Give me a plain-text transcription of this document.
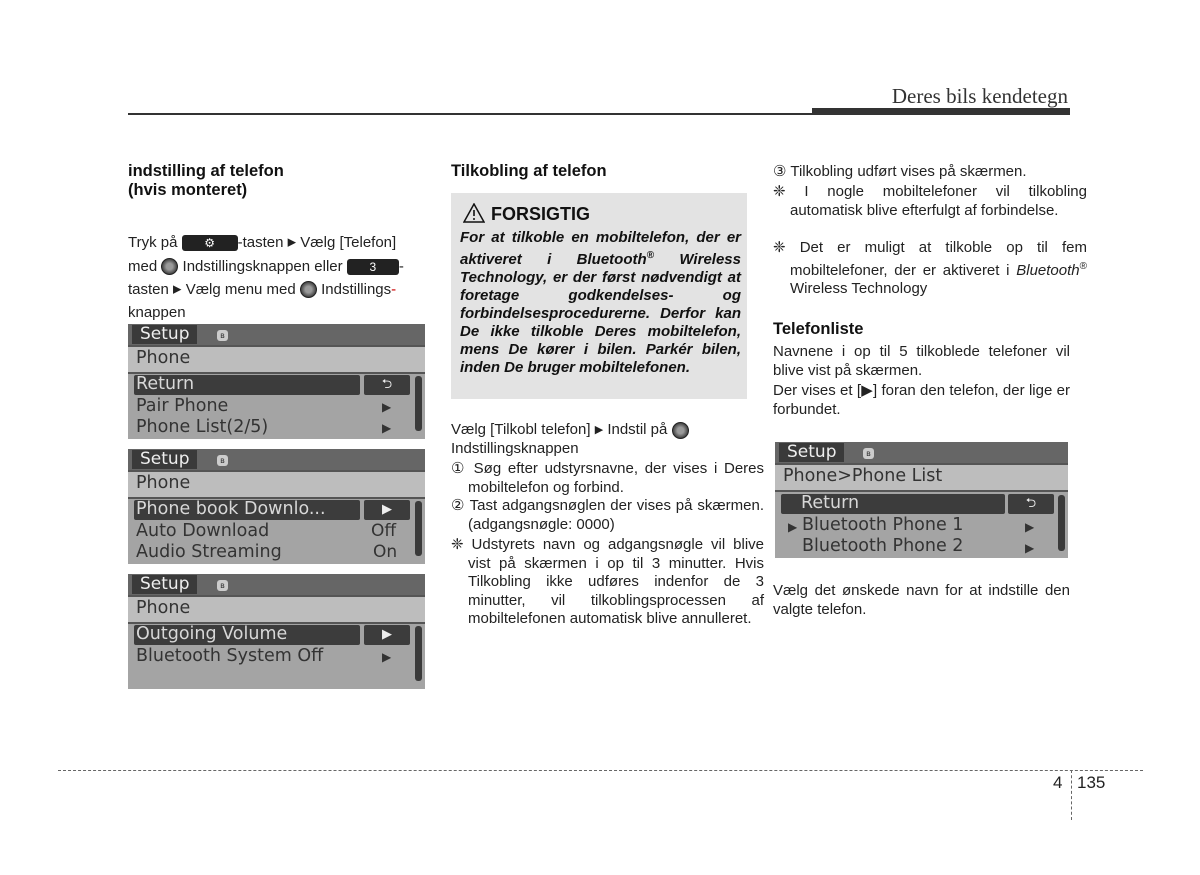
Deres bils kendetegn
indstilling af telefon
(hvis monteret)
Tryk på ⚙ -tasten ▶ Vælg [Telefon]
med Indstillingsknappen eller 3 -
tasten ▶ Vælg menu med Indstillings-
knappen
Setup	ʙ
Phone
Return	⮌
Pair Phone	▶
Phone List(2/5)	▶
Setup	ʙ
Phone
Phone book Downlo...	▶
Auto Download	Off
Audio Streaming	On
Setup	ʙ
Phone
Outgoing Volume	▶
Bluetooth System Off	▶
Tilkobling af telefon
FORSIGTIG
For at tilkoble en mobiltelefon, der er aktiveret i Bluetooth® Wireless Technology, er der først nødvendigt at foretage godkendelses- og forbindelsesprocedurerne. Derfor kan De ikke tilkoble Deres mobiltelefon, mens De kører i bilen. Parkér bilen, inden De bruger mobiltelefonen.
Vælg [Tilkobl telefon] ▶ Indstil på
Indstillingsknappen
① Søg efter udstyrsnavne, der vises i Deres mobiltelefon og forbind.
② Tast adgangsnøglen der vises på skærmen. (adgangsnøgle: 0000)
❈ Udstyrets navn og adgangsnøgle vil blive vist på skærmen i op til 3 minutter. Hvis Tilkobling ikke udføres indenfor de 3 minutter, vil tilkoblingsprocessen af mobiltelefonen automatisk blive annulleret.
③ Tilkobling udført vises på skærmen.
❈ I nogle mobiltelefoner vil tilkobling automatisk blive efterfulgt af forbindelse.
❈ Det er muligt at tilkoble op til fem mobiltelefoner, der er aktiveret i Bluetooth® Wireless Technology
Telefonliste
Navnene i op til 5 tilkoblede telefoner vil blive vist på skærmen.
Der vises et [▶] foran den telefon, der lige er forbundet.
Setup	ʙ
Phone>Phone List
Return	⮌
▶ Bluetooth Phone 1	▶
Bluetooth Phone 2	▶
Vælg det ønskede navn for at indstille den valgte telefon.
4 135
